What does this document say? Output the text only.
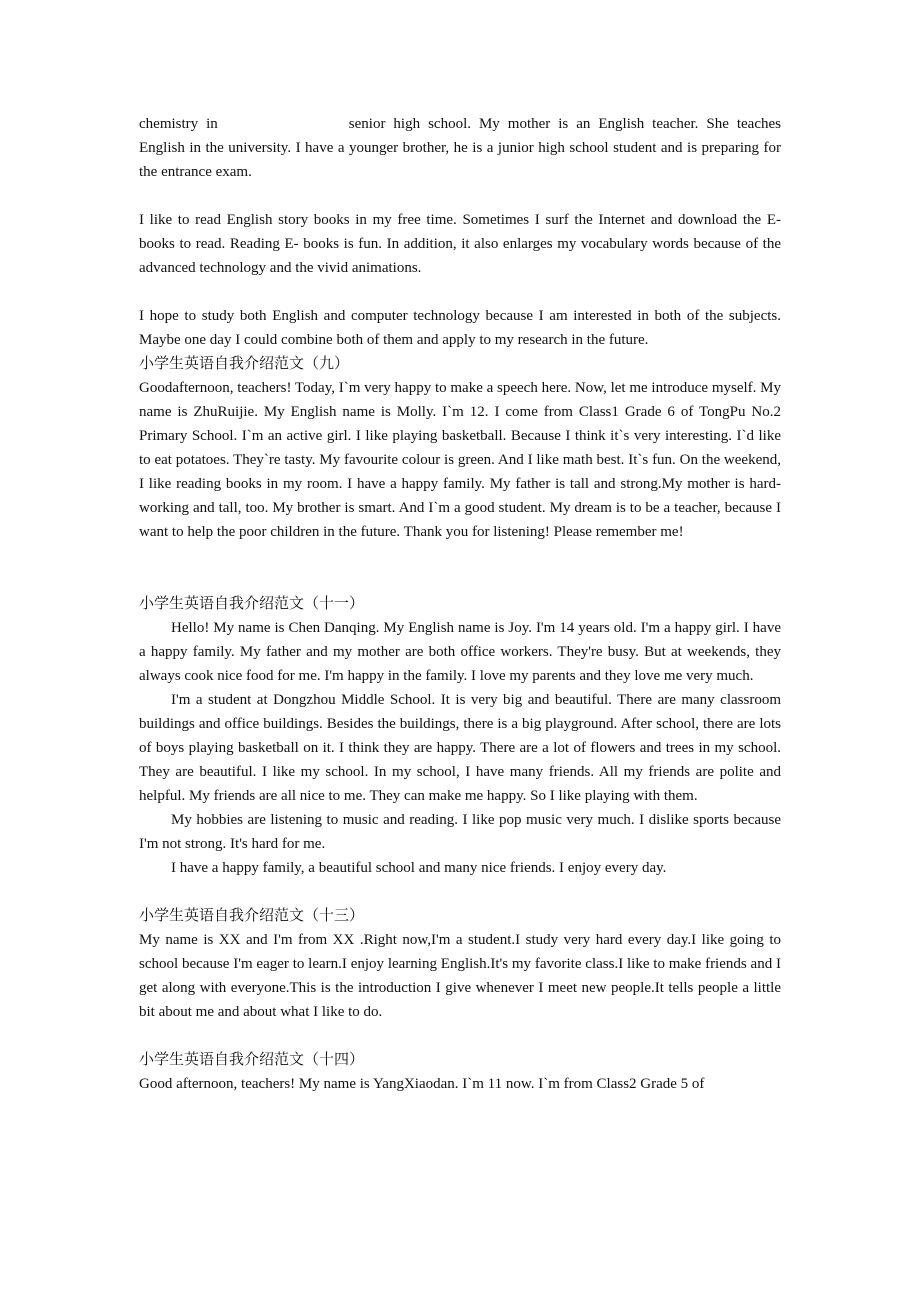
chemistry in	senior high school. My mother is an English teacher. She teaches English in the university. I have a younger brother, he is a junior high school student and is preparing for the entrance exam.

I like to read English story books in my free time. Sometimes I surf the Internet and download the E- books to read. Reading E- books is fun. In addition, it also enlarges my vocabulary words because of the advanced technology and the vivid animations.

I hope to study both English and computer technology because I am interested in both of the subjects. Maybe one day I could combine both of them and apply to my research in the future.

小学生英语自我介绍范文（九）

Goodafternoon, teachers! Today, I`m very happy to make a speech here. Now, let me introduce myself. My name is ZhuRuijie. My English name is Molly. I`m 12. I come from Class1 Grade 6 of TongPu No.2 Primary School. I`m an active girl. I like playing basketball. Because I think it`s very interesting. I`d like to eat potatoes. They`re tasty. My favourite colour is green. And I like math best. It`s fun. On the weekend, I like reading books in my room. I have a happy family. My father is tall and strong.My mother is hard-working and tall, too. My brother is smart. And I`m a good student. My dream is to be a teacher, because I want to help the poor children in the future. Thank you for listening! Please remember me!

小学生英语自我介绍范文（十一）

Hello! My name is Chen Danqing. My English name is Joy. I'm 14 years old. I'm a happy girl. I have a happy family. My father and my mother are both office workers. They're busy. But at weekends, they always cook nice food for me. I'm happy in the family. I love my parents and they love me very much.

I'm a student at Dongzhou Middle School. It is very big and beautiful. There are many classroom buildings and office buildings. Besides the buildings, there is a big playground. After school, there are lots of boys playing basketball on it. I think they are happy. There are a lot of flowers and trees in my school. They are beautiful. I like my school. In my school, I have many friends. All my friends are polite and helpful. My friends are all nice to me. They can make me happy. So I like playing with them.

My hobbies are listening to music and reading. I like pop music very much. I dislike sports because I'm not strong. It's hard for me.

I have a happy family, a beautiful school and many nice friends. I enjoy every day.

小学生英语自我介绍范文（十三）

My name is XX and I'm from XX .Right now,I'm a student.I study very hard every day.I like going to school because I'm eager to learn.I enjoy learning English.It's my favorite class.I like to make friends and I get along with everyone.This is the introduction I give whenever I meet new people.It tells people a little bit about me and about what I like to do.

小学生英语自我介绍范文（十四）

Good afternoon, teachers! My name is YangXiaodan. I`m 11 now. I`m from Class2 Grade 5 of
